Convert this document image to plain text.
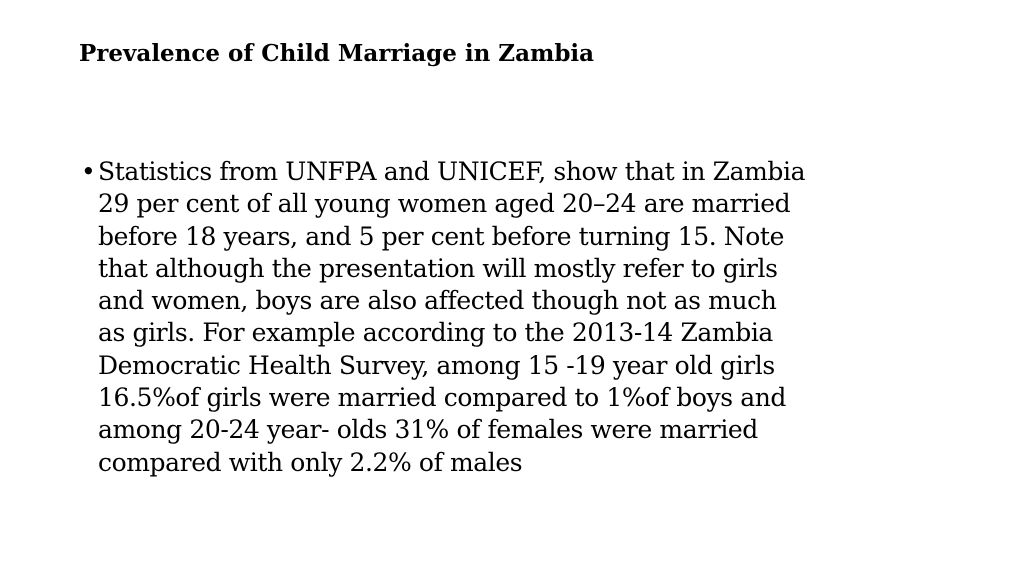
Prevalence of Child Marriage in Zambia
• Statistics from UNFPA and UNICEF, show that in Zambia
29 per cent of all young women aged 20–24 are married
before 18 years, and 5 per cent before turning 15. Note
that although the presentation will mostly refer to girls
and women, boys are also affected though not as much
as girls. For example according to the 2013-14 Zambia
Democratic Health Survey, among 15 -19 year old girls
16.5%of girls were married compared to 1%of boys and
among 20-24 year- olds 31% of females were married
compared with only 2.2% of males
